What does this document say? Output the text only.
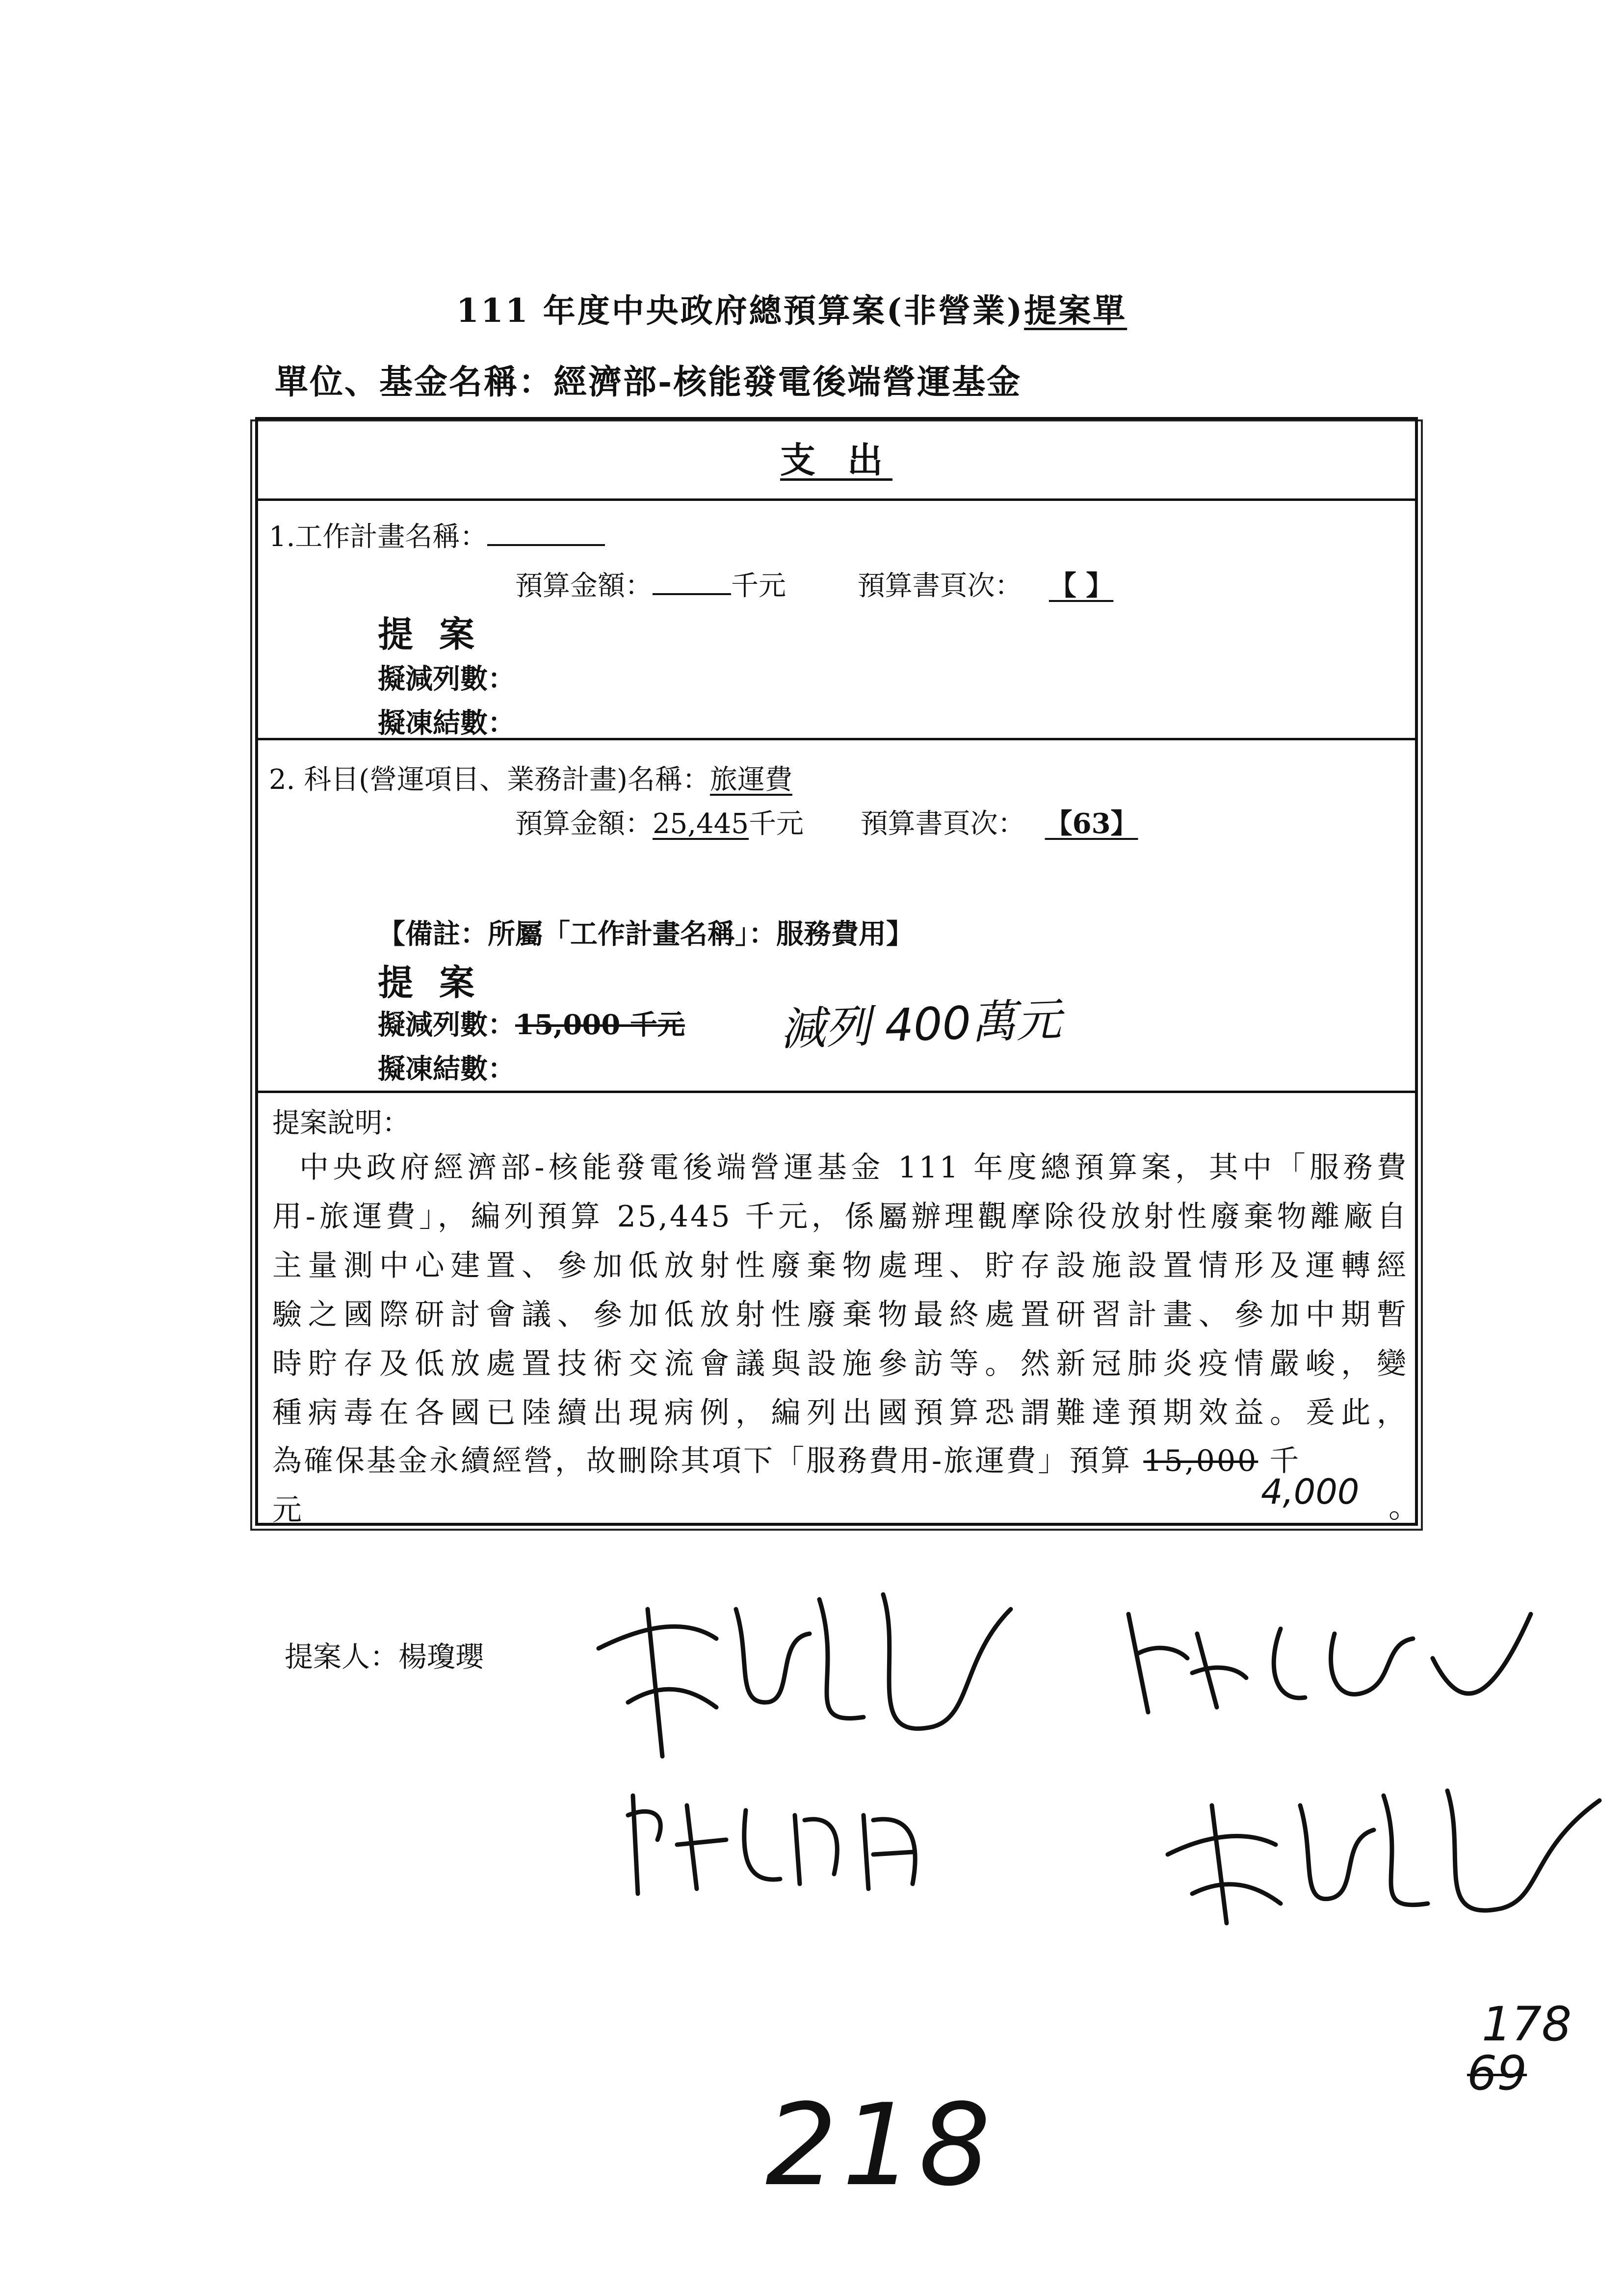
111 年度中央政府總預算案(非營業)提案單
單位、基金名稱：經濟部-核能發電後端營運基金
支 出
1.工作計畫名稱：
預算金額：	千元	預算書頁次： 【 】
提 案
擬減列數：
擬凍結數：
2. 科目(營運項目、業務計畫)名稱：旅運費
預算金額：25,445千元 預算書頁次： 【63】
【備註：所屬「工作計畫名稱」：服務費用】
提 案
擬減列數：15,000 千元 減列 400萬元
擬凍結數：
提案說明：
中央政府經濟部-核能發電後端營運基金 111 年度總預算案，其中「服務費
用-旅運費」，編列預算 25,445 千元，係屬辦理觀摩除役放射性廢棄物離廠自
主量測中心建置、參加低放射性廢棄物處理、貯存設施設置情形及運轉經
驗之國際研討會議、參加低放射性廢棄物最終處置研習計畫、參加中期暫
時貯存及低放處置技術交流會議與設施參訪等。然新冠肺炎疫情嚴峻，變
種病毒在各國已陸續出現病例，編列出國預算恐謂難達預期效益。爰此，
為確保基金永續經營，故刪除其項下「服務費用-旅運費」預算 15,000 千
元	4,000 。
提案人：楊瓊瓔
218
178
69
